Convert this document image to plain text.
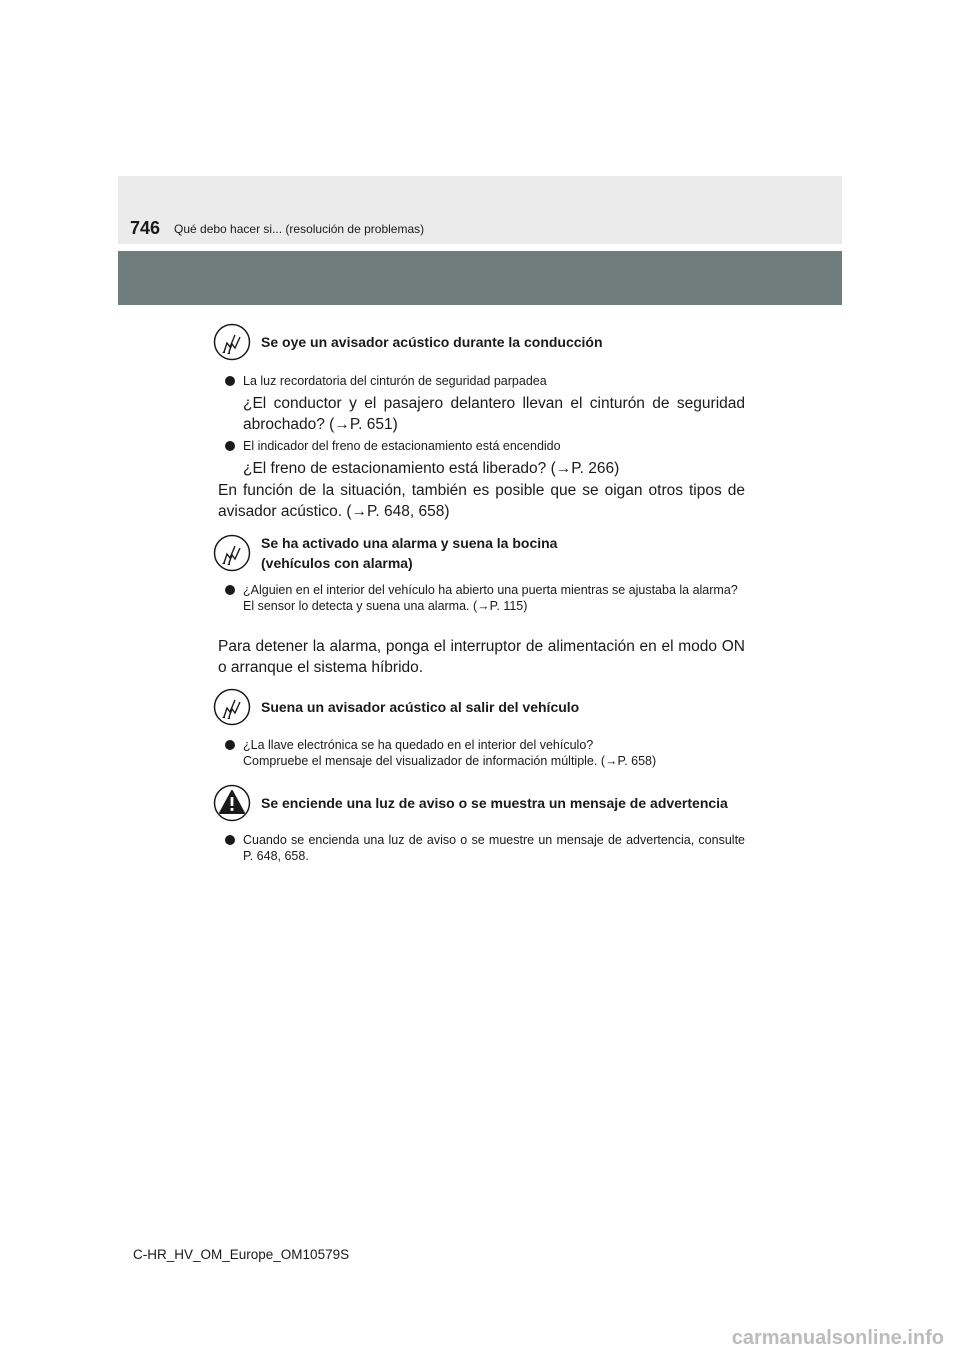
746 Qué debo hacer si... (resolución de problemas)
Se oye un avisador acústico durante la conducción
La luz recordatoria del cinturón de seguridad parpadea
¿El conductor y el pasajero delantero llevan el cinturón de seguridad abrochado? (→P. 651)
El indicador del freno de estacionamiento está encendido
¿El freno de estacionamiento está liberado? (→P. 266)
En función de la situación, también es posible que se oigan otros tipos de avisador acústico. (→P. 648, 658)
Se ha activado una alarma y suena la bocina
(vehículos con alarma)
¿Alguien en el interior del vehículo ha abierto una puerta mientras se ajustaba la alarma?
El sensor lo detecta y suena una alarma. (→P. 115)
Para detener la alarma, ponga el interruptor de alimentación en el modo ON o arranque el sistema híbrido.
Suena un avisador acústico al salir del vehículo
¿La llave electrónica se ha quedado en el interior del vehículo?
Compruebe el mensaje del visualizador de información múltiple. (→P. 658)
Se enciende una luz de aviso o se muestra un mensaje de advertencia
Cuando se encienda una luz de aviso o se muestre un mensaje de advertencia, consulte P. 648, 658.
C-HR_HV_OM_Europe_OM10579S
carmanualsonline.info
